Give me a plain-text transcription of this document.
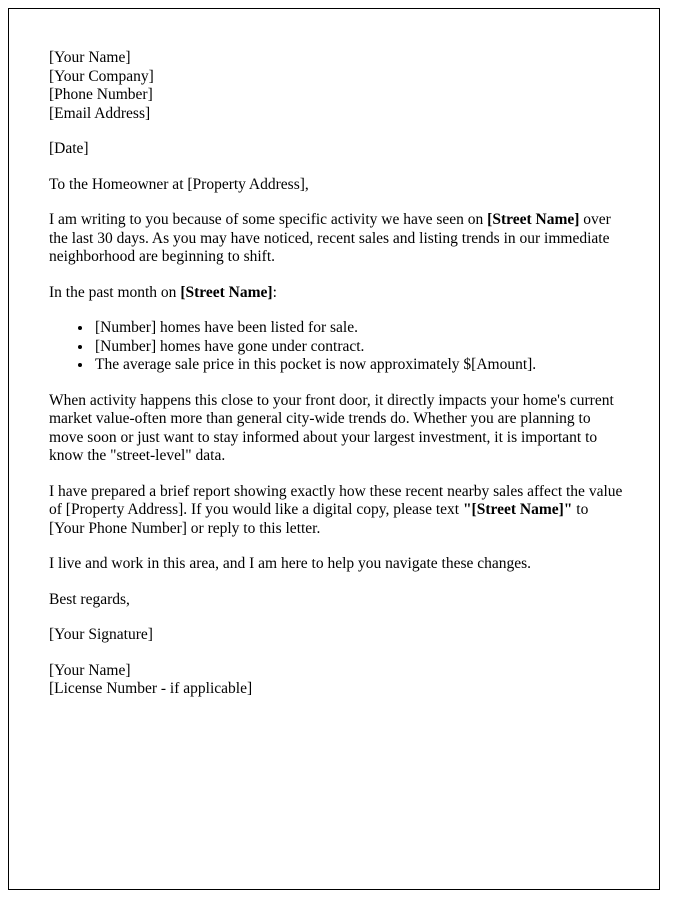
[Your Name]
[Your Company]
[Phone Number]
[Email Address]

[Date]

To the Homeowner at [Property Address],

I am writing to you because of some specific activity we have seen on [Street Name] over the last 30 days. As you may have noticed, recent sales and listing trends in our immediate neighborhood are beginning to shift.

In the past month on [Street Name]:

• [Number] homes have been listed for sale.
• [Number] homes have gone under contract.
• The average sale price in this pocket is now approximately $[Amount].

When activity happens this close to your front door, it directly impacts your home's current market value-often more than general city-wide trends do. Whether you are planning to move soon or just want to stay informed about your largest investment, it is important to know the "street-level" data.

I have prepared a brief report showing exactly how these recent nearby sales affect the value of [Property Address]. If you would like a digital copy, please text "[Street Name]" to [Your Phone Number] or reply to this letter.

I live and work in this area, and I am here to help you navigate these changes.

Best regards,

[Your Signature]

[Your Name]
[License Number - if applicable]
